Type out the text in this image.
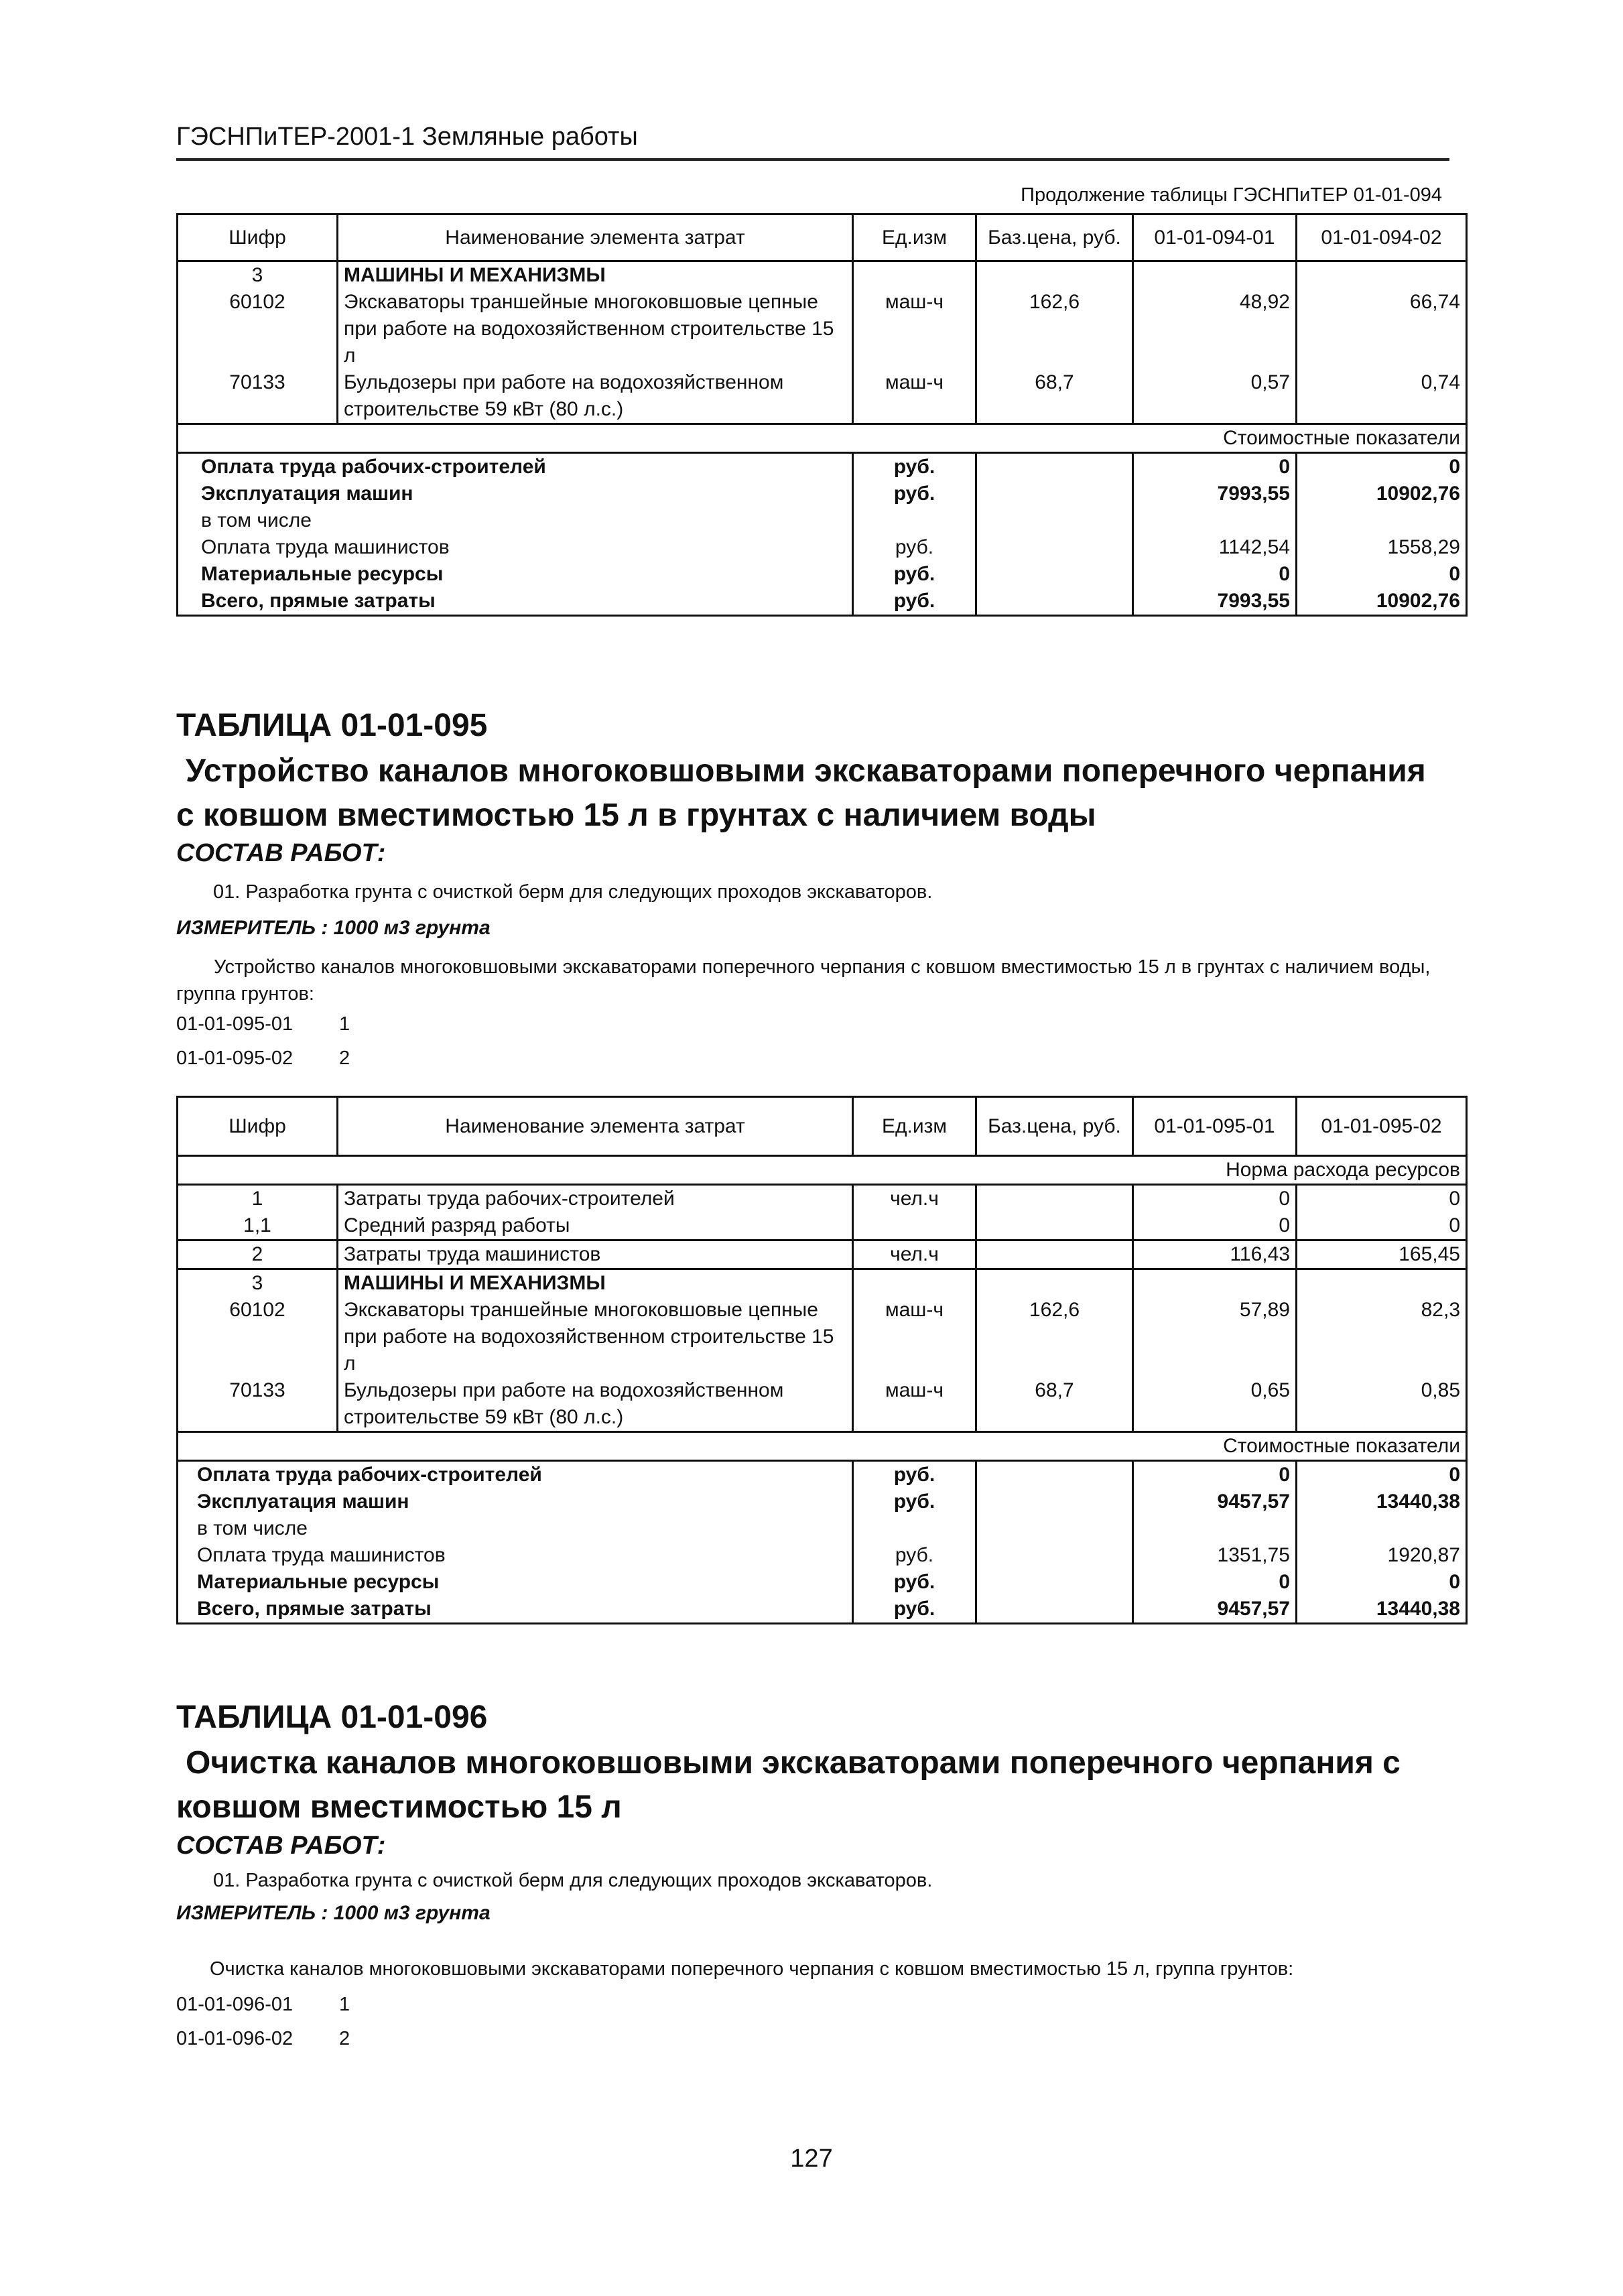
ГЭСНПиТЕР-2001-1 Земляные работы
Продолжение таблицы ГЭСНПиТЕР 01-01-094
Шифр	Наименование элемента затрат	Ед.изм	Баз.цена, руб.	01-01-094-01	01-01-094-02
3	МАШИНЫ И МЕХАНИЗМЫ				
60102	Экскаваторы траншейные многоковшовые цепные при работе на водохозяйственном строительстве 15 л	маш-ч	162,6	48,92	66,74
70133	Бульдозеры при работе на водохозяйственном строительстве 59 кВт (80 л.с.)	маш-ч	68,7	0,57	0,74
Стоимостные показатели					
Оплата труда рабочих-строителей		руб.		0	0
Эксплуатация машин		руб.		7993,55	10902,76
в том числе					
Оплата труда машинистов		руб.		1142,54	1558,29
Материальные ресурсы		руб.		0	0
Всего, прямые затраты		руб.		7993,55	10902,76
ТАБЛИЦА 01-01-095
Устройство каналов многоковшовыми экскаваторами поперечного черпания с ковшом вместимостью 15 л в грунтах с наличием воды
СОСТАВ РАБОТ:
01. Разработка грунта с очисткой берм для следующих проходов экскаваторов.
ИЗМЕРИТЕЛЬ : 1000 м3 грунта
Устройство каналов многоковшовыми экскаваторами поперечного черпания с ковшом вместимостью 15 л в грунтах с наличием воды, группа грунтов:
01-01-095-01 1
01-01-095-02 2
Шифр	Наименование элемента затрат	Ед.изм	Баз.цена, руб.	01-01-095-01	01-01-095-02
Норма расхода ресурсов					
1	Затраты труда рабочих-строителей	чел.ч		0	0
1,1	Средний разряд работы			0	0
2	Затраты труда машинистов	чел.ч		116,43	165,45
3	МАШИНЫ И МЕХАНИЗМЫ				
60102	Экскаваторы траншейные многоковшовые цепные при работе на водохозяйственном строительстве 15 л	маш-ч	162,6	57,89	82,3
70133	Бульдозеры при работе на водохозяйственном строительстве 59 кВт (80 л.с.)	маш-ч	68,7	0,65	0,85
Стоимостные показатели					
Оплата труда рабочих-строителей		руб.		0	0
Эксплуатация машин		руб.		9457,57	13440,38
в том числе					
Оплата труда машинистов		руб.		1351,75	1920,87
Материальные ресурсы		руб.		0	0
Всего, прямые затраты		руб.		9457,57	13440,38
ТАБЛИЦА 01-01-096
Очистка каналов многоковшовыми экскаваторами поперечного черпания с ковшом вместимостью 15 л
СОСТАВ РАБОТ:
01. Разработка грунта с очисткой берм для следующих проходов экскаваторов.
ИЗМЕРИТЕЛЬ : 1000 м3 грунта
Очистка каналов многоковшовыми экскаваторами поперечного черпания с ковшом вместимостью 15 л, группа грунтов:
01-01-096-01 1
01-01-096-02 2
127
